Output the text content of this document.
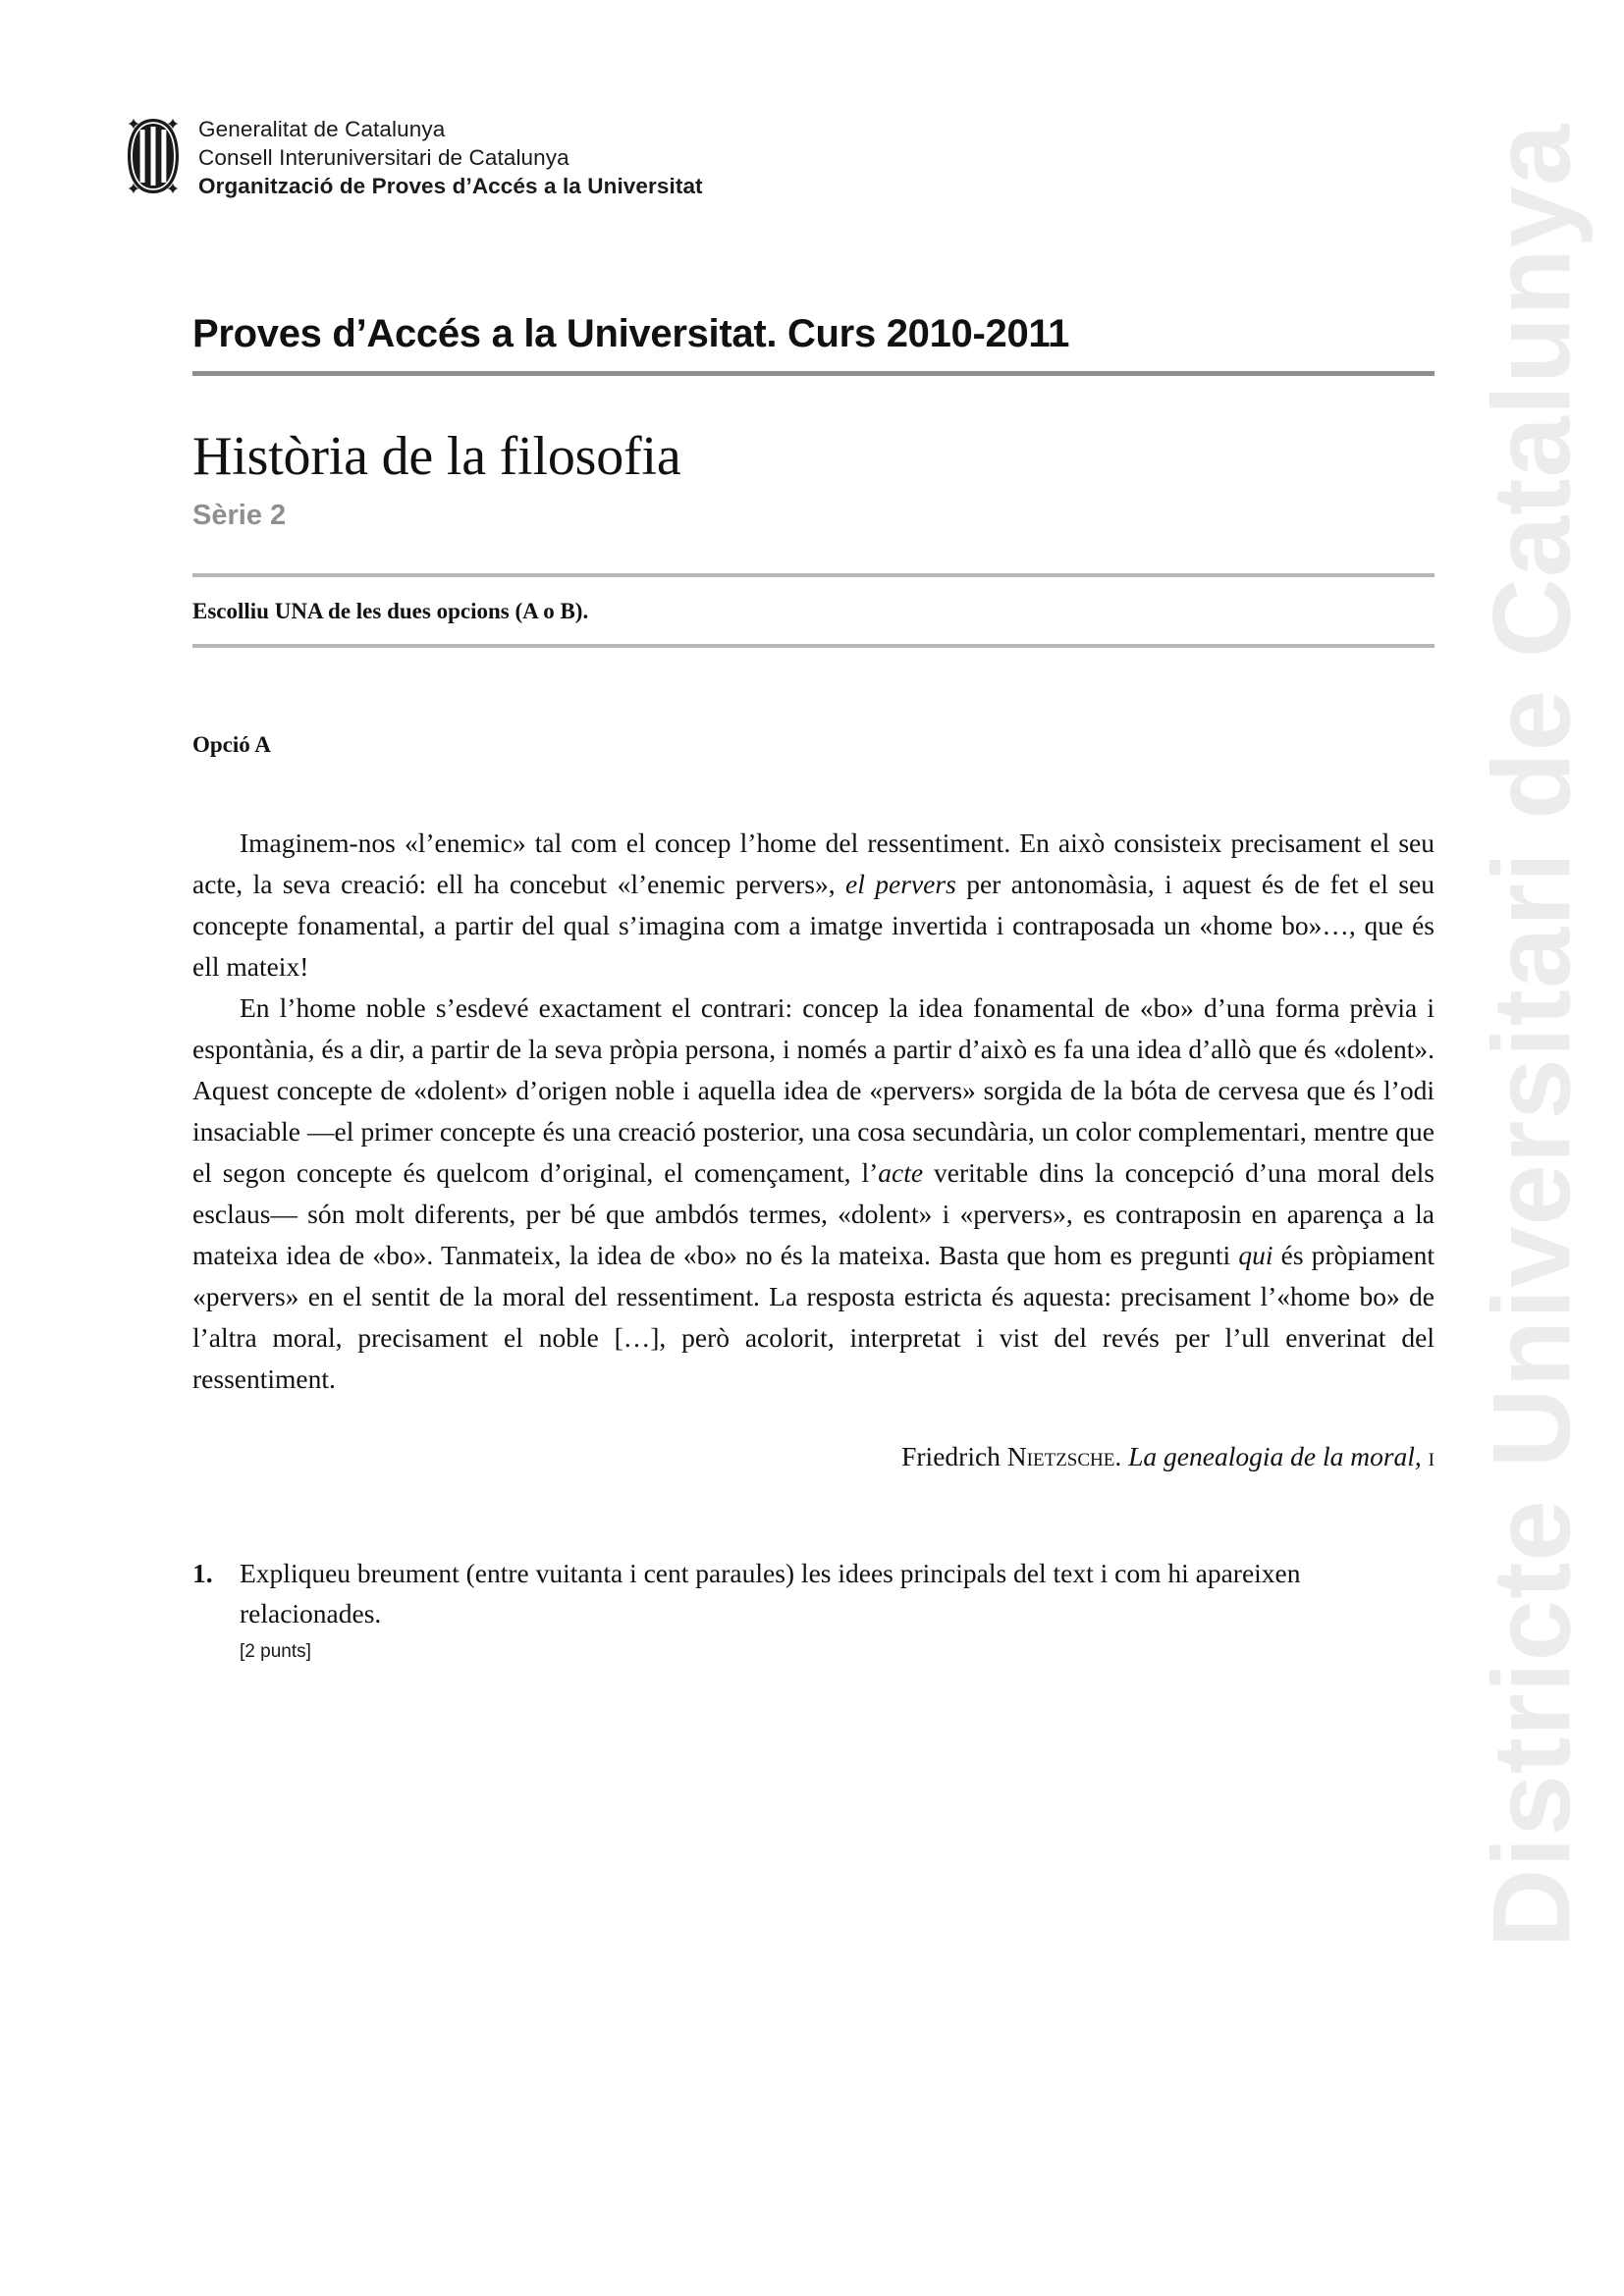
Districte Universitari de Catalunya
Generalitat de Catalunya
Consell Interuniversitari de Catalunya
Organització de Proves d’Accés a la Universitat
Proves d’Accés a la Universitat. Curs 2010-2011
Història de la filosofia
Sèrie 2
Escolliu UNA de les dues opcions (A o B).
Opció A

Imaginem-nos «l’enemic» tal com el concep l’home del ressentiment. En això consisteix precisament el seu acte, la seva creació: ell ha concebut «l’enemic pervers», el pervers per antonomàsia, i aquest és de fet el seu concepte fonamental, a partir del qual s’imagina com a imatge invertida i contraposada un «home bo»…, que és ell mateix!

En l’home noble s’esdevé exactament el contrari: concep la idea fonamental de «bo» d’una forma prèvia i espontània, és a dir, a partir de la seva pròpia persona, i només a partir d’això es fa una idea d’allò que és «dolent». Aquest concepte de «dolent» d’origen noble i aquella idea de «pervers» sorgida de la bóta de cervesa que és l’odi insaciable —el primer concepte és una creació posterior, una cosa secundària, un color complementari, mentre que el segon concepte és quelcom d’original, el començament, l’acte veritable dins la concepció d’una moral dels esclaus— són molt diferents, per bé que ambdós termes, «dolent» i «pervers», es contraposin en aparença a la mateixa idea de «bo». Tanmateix, la idea de «bo» no és la mateixa. Basta que hom es pregunti qui és pròpiament «pervers» en el sentit de la moral del ressentiment. La resposta estricta és aquesta: precisament l’«home bo» de l’altra moral, precisament el noble […], però acolorit, interpretat i vist del revés per l’ull enverinat del ressentiment.

Friedrich Nietzsche. La genealogia de la moral, i
1. Expliqueu breument (entre vuitanta i cent paraules) les idees principals del text i com hi apareixen relacionades.
[2 punts]
